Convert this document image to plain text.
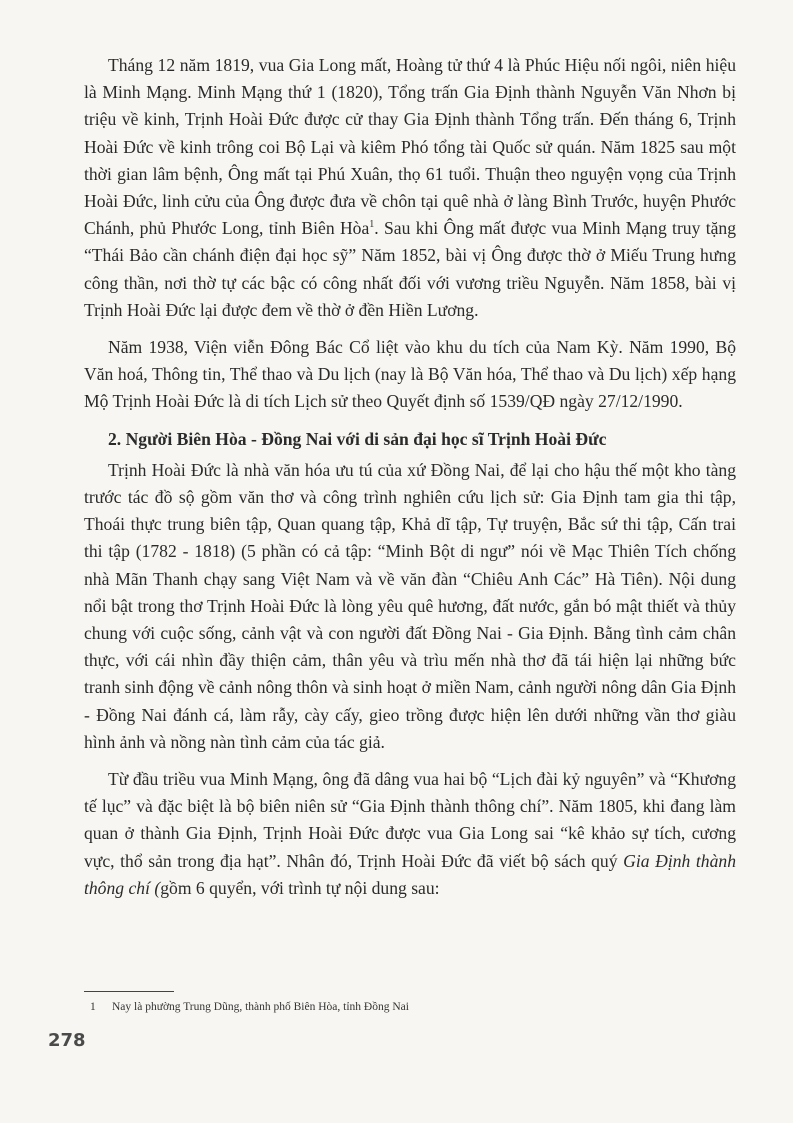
Tháng 12 năm 1819, vua Gia Long mất, Hoàng tử thứ 4 là Phúc Hiệu nối ngôi, niên hiệu là Minh Mạng. Minh Mạng thứ 1 (1820), Tổng trấn Gia Định thành Nguyễn Văn Nhơn bị triệu về kinh, Trịnh Hoài Đức được cử thay Gia Định thành Tổng trấn. Đến tháng 6, Trịnh Hoài Đức về kinh trông coi Bộ Lại và kiêm Phó tổng tài Quốc sử quán. Năm 1825 sau một thời gian lâm bệnh, Ông mất tại Phú Xuân, thọ 61 tuổi. Thuận theo nguyện vọng của Trịnh Hoài Đức, linh cửu của Ông được đưa về chôn tại quê nhà ở làng Bình Trước, huyện Phước Chánh, phủ Phước Long, tỉnh Biên Hòa$^1$. Sau khi Ông mất được vua Minh Mạng truy tặng “Thái Bảo cần chánh điện đại học sỹ” Năm 1852, bài vị Ông được thờ ở Miếu Trung hưng công thần, nơi thờ tự các bậc có công nhất đối với vương triều Nguyễn. Năm 1858, bài vị Trịnh Hoài Đức lại được đem về thờ ở đền Hiền Lương.

Năm 1938, Viện viễn Đông Bác Cổ liệt vào khu du tích của Nam Kỳ. Năm 1990, Bộ Văn hoá, Thông tin, Thể thao và Du lịch (nay là Bộ Văn hóa, Thể thao và Du lịch) xếp hạng Mộ Trịnh Hoài Đức là di tích Lịch sử theo Quyết định số 1539/QĐ ngày 27/12/1990.

2. Người Biên Hòa - Đồng Nai với di sản đại học sĩ Trịnh Hoài Đức

Trịnh Hoài Đức là nhà văn hóa ưu tú của xứ Đồng Nai, để lại cho hậu thế một kho tàng trước tác đồ sộ gồm văn thơ và công trình nghiên cứu lịch sử: Gia Định tam gia thi tập, Thoái thực trung biên tập, Quan quang tập, Khả dĩ tập, Tự truyện, Bắc sứ thi tập, Cấn trai thi tập (1782 - 1818) (5 phần có cả tập: “Minh Bột di ngư” nói về Mạc Thiên Tích chống nhà Mãn Thanh chạy sang Việt Nam và về văn đàn “Chiêu Anh Các” Hà Tiên). Nội dung nổi bật trong thơ Trịnh Hoài Đức là lòng yêu quê hương, đất nước, gắn bó mật thiết và thủy chung với cuộc sống, cảnh vật và con người đất Đồng Nai - Gia Định. Bằng tình cảm chân thực, với cái nhìn đầy thiện cảm, thân yêu và trìu mến nhà thơ đã tái hiện lại những bức tranh sinh động về cảnh nông thôn và sinh hoạt ở miền Nam, cảnh người nông dân Gia Định - Đồng Nai đánh cá, làm rẫy, cày cấy, gieo trồng được hiện lên dưới những vần thơ giàu hình ảnh và nồng nàn tình cảm của tác giả.

Từ đầu triều vua Minh Mạng, ông đã dâng vua hai bộ “Lịch đài kỷ nguyên” và “Khương tế lục” và đặc biệt là bộ biên niên sử “Gia Định thành thông chí”. Năm 1805, khi đang làm quan ở thành Gia Định, Trịnh Hoài Đức được vua Gia Long sai “kê khảo sự tích, cương vực, thổ sản trong địa hạt”. Nhân đó, Trịnh Hoài Đức đã viết bộ sách quý Gia Định thành thông chí (gồm 6 quyển, với trình tự nội dung sau:

1 Nay là phường Trung Dũng, thành phố Biên Hòa, tỉnh Đồng Nai
278
